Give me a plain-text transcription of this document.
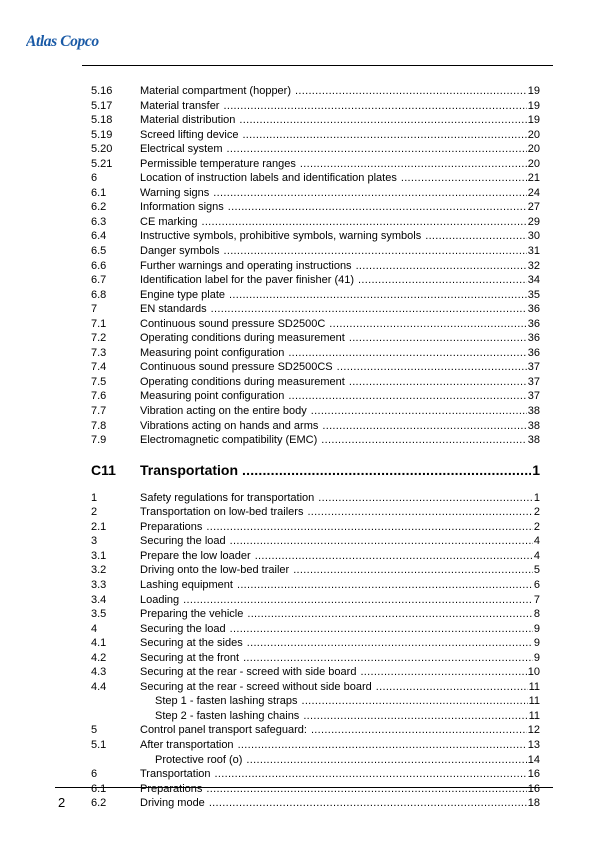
Atlas Copco
5.16	Material compartment (hopper) .....	19
5.17	Material transfer .....	19
5.18	Material distribution .....	19
5.19	Screed lifting device .....	20
5.20	Electrical system .....	20
5.21	Permissible temperature ranges .....	20
6	Location of instruction labels and identification plates .....	21
6.1	Warning signs .....	24
6.2	Information signs .....	27
6.3	CE marking .....	29
6.4	Instructive symbols, prohibitive symbols, warning symbols .....	30
6.5	Danger symbols .....	31
6.6	Further warnings and operating instructions .....	32
6.7	Identification label for the paver finisher (41) .....	34
6.8	Engine type plate .....	35
7	EN standards .....	36
7.1	Continuous sound pressure SD2500C .....	36
7.2	Operating conditions during measurement .....	36
7.3	Measuring point configuration .....	36
7.4	Continuous sound pressure SD2500CS .....	37
7.5	Operating conditions during measurement .....	37
7.6	Measuring point configuration .....	37
7.7	Vibration acting on the entire body .....	38
7.8	Vibrations acting on hands and arms .....	38
7.9	Electromagnetic compatibility (EMC) .....	38
C11	Transportation .....	1
1	Safety regulations for transportation .....	1
2	Transportation on low-bed trailers .....	2
2.1	Preparations .....	2
3	Securing the load .....	4
3.1	Prepare the low loader .....	4
3.2	Driving onto the low-bed trailer .....	5
3.3	Lashing equipment .....	6
3.4	Loading .....	7
3.5	Preparing the vehicle .....	8
4	Securing the load .....	9
4.1	Securing at the sides .....	9
4.2	Securing at the front .....	9
4.3	Securing at the rear - screed with side board .....	10
4.4	Securing at the rear - screed without side board .....	11
Step 1 - fasten lashing straps .....	11
Step 2 - fasten lashing chains .....	11
5	Control panel transport safeguard: .....	12
5.1	After transportation .....	13
Protective roof (o) .....	14
6	Transportation .....	16
6.1	Preparations .....	16
6.2	Driving mode .....	18
2
